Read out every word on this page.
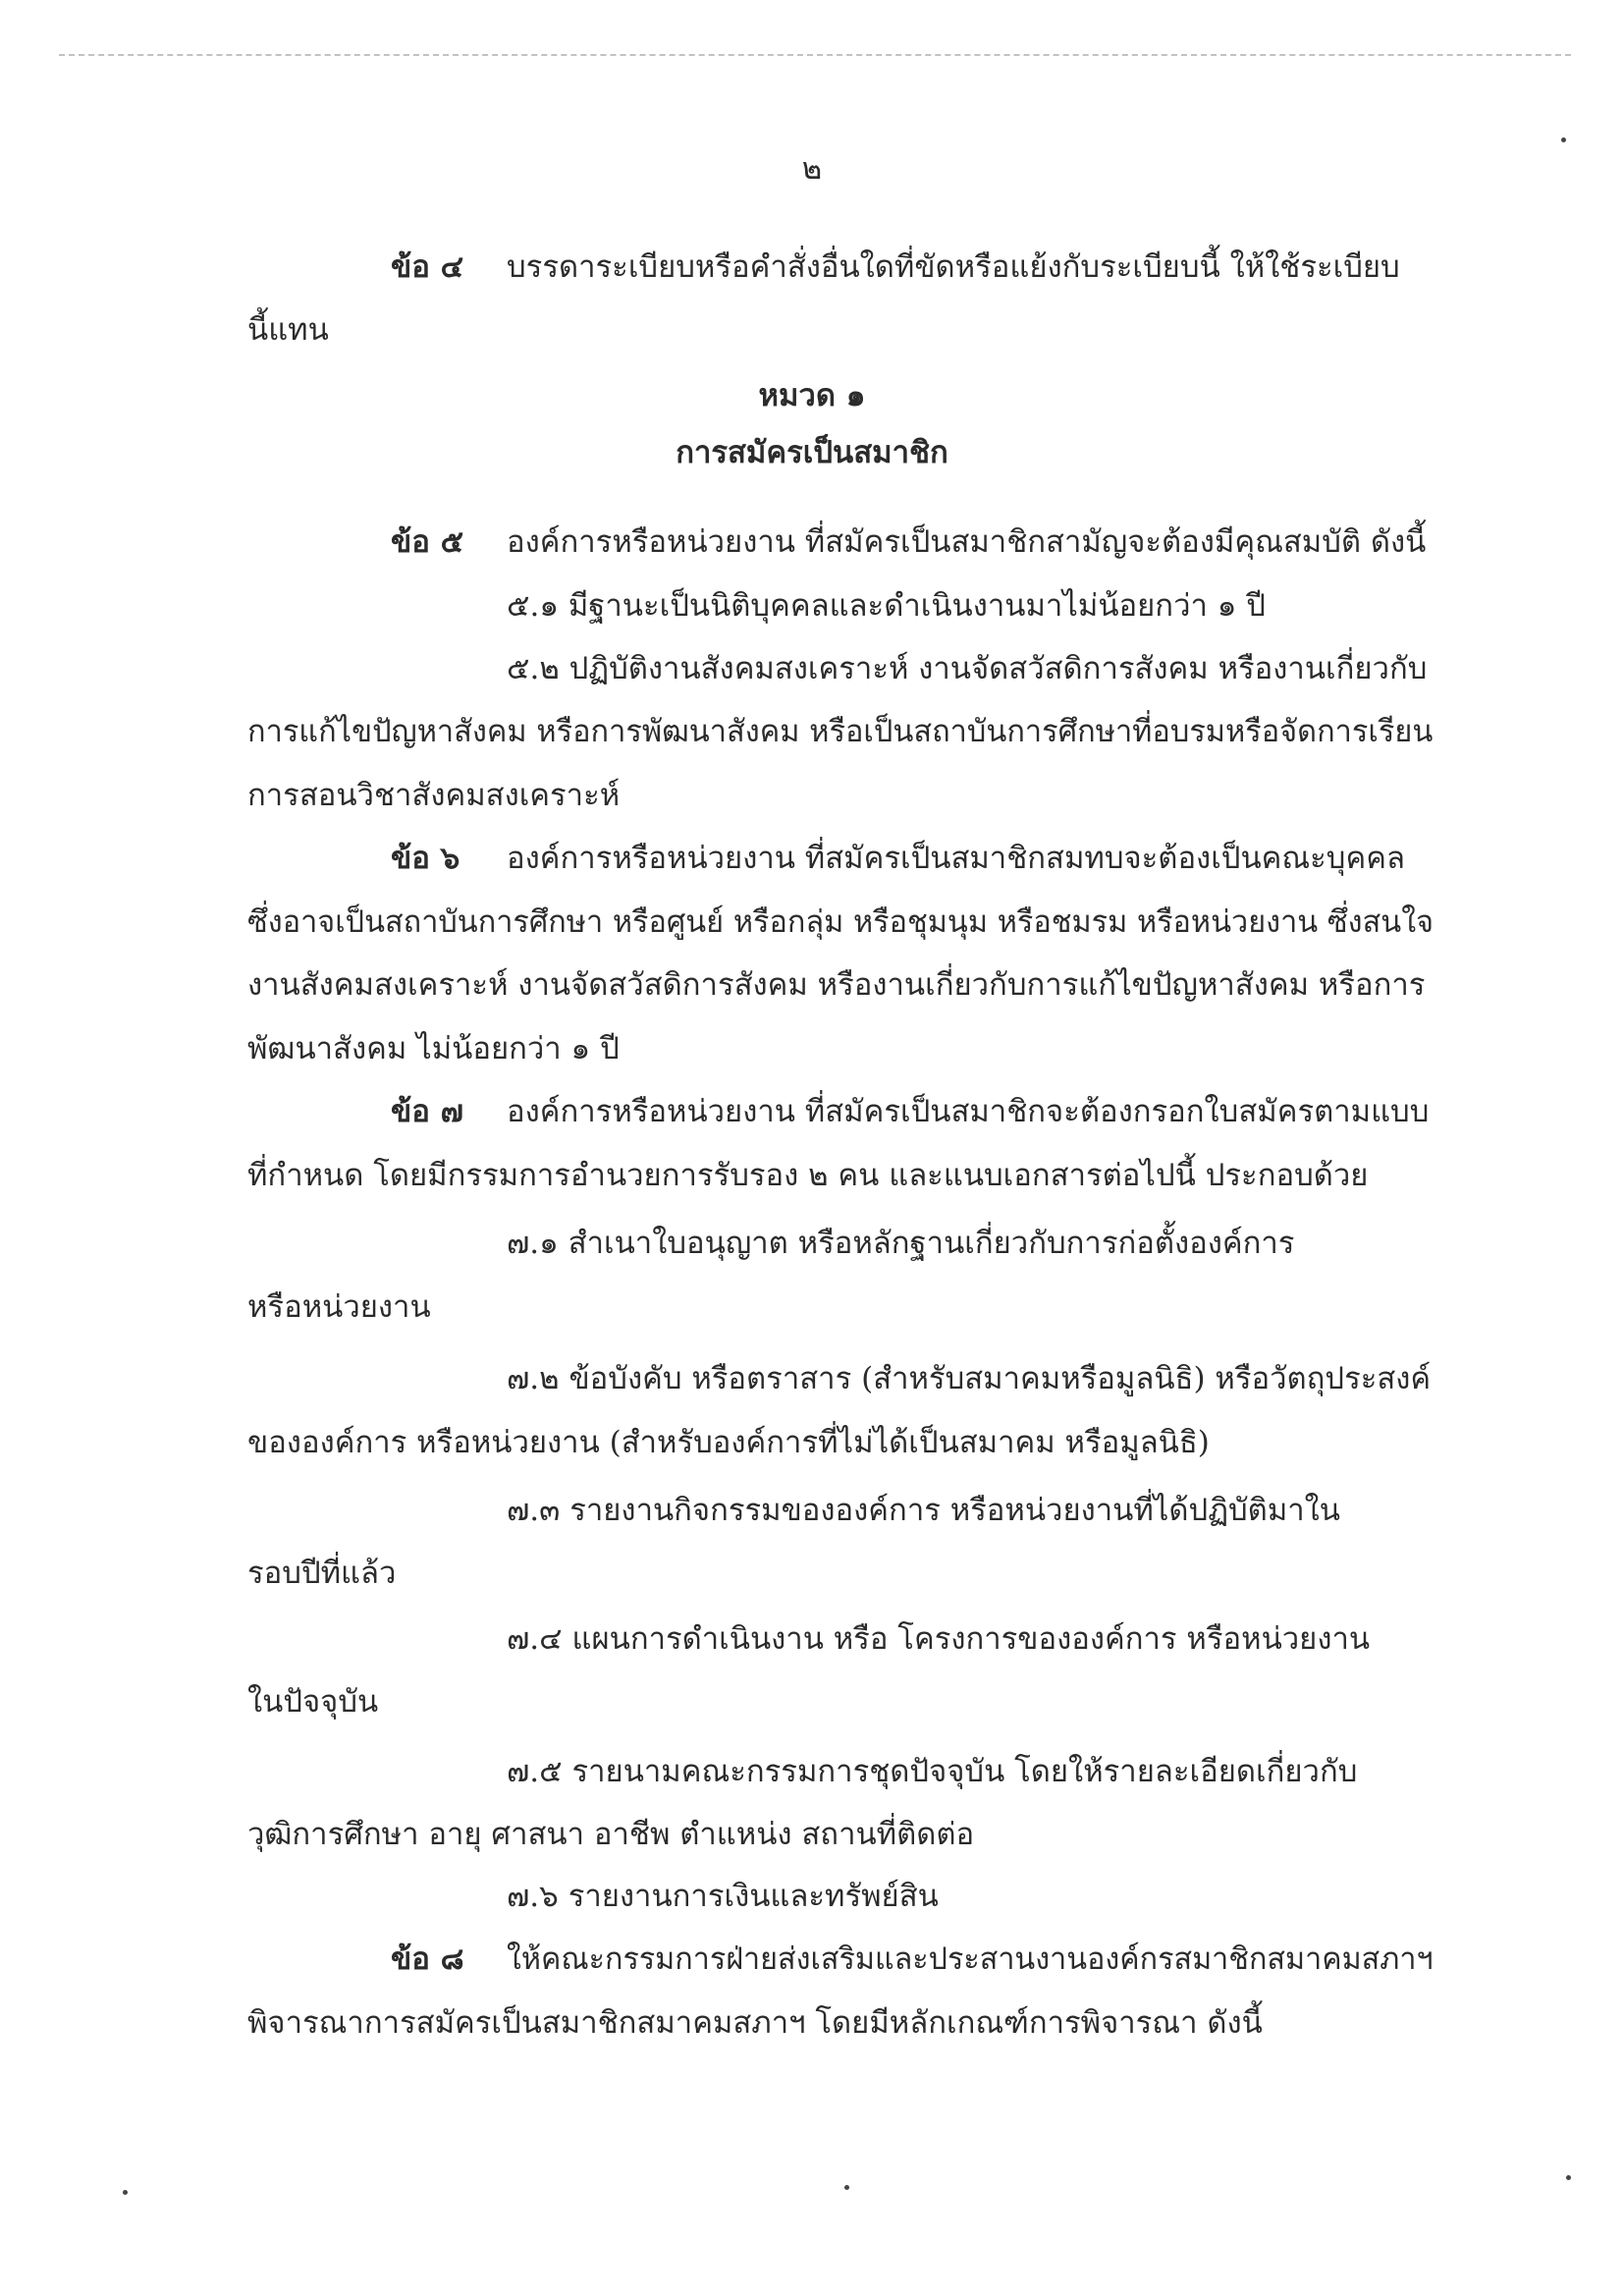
๒
ข้อ ๔ บรรดาระเบียบหรือคำสั่งอื่นใดที่ขัดหรือแย้งกับระเบียบนี้ ให้ใช้ระเบียบ
นี้แทน
หมวด ๑
การสมัครเป็นสมาชิก
ข้อ ๕ องค์การหรือหน่วยงาน ที่สมัครเป็นสมาชิกสามัญจะต้องมีคุณสมบัติ ดังนี้
๕.๑ มีฐานะเป็นนิติบุคคลและดำเนินงานมาไม่น้อยกว่า ๑ ปี
๕.๒ ปฏิบัติงานสังคมสงเคราะห์ งานจัดสวัสดิการสังคม หรืองานเกี่ยวกับ
การแก้ไขปัญหาสังคม หรือการพัฒนาสังคม หรือเป็นสถาบันการศึกษาที่อบรมหรือจัดการเรียน
การสอนวิชาสังคมสงเคราะห์
ข้อ ๖ องค์การหรือหน่วยงาน ที่สมัครเป็นสมาชิกสมทบจะต้องเป็นคณะบุคคล
ซึ่งอาจเป็นสถาบันการศึกษา หรือศูนย์ หรือกลุ่ม หรือชุมนุม หรือชมรม หรือหน่วยงาน ซึ่งสนใจ
งานสังคมสงเคราะห์ งานจัดสวัสดิการสังคม หรืองานเกี่ยวกับการแก้ไขปัญหาสังคม หรือการ
พัฒนาสังคม ไม่น้อยกว่า ๑ ปี
ข้อ ๗ องค์การหรือหน่วยงาน ที่สมัครเป็นสมาชิกจะต้องกรอกใบสมัครตามแบบ
ที่กำหนด โดยมีกรรมการอำนวยการรับรอง ๒ คน และแนบเอกสารต่อไปนี้ ประกอบด้วย
๗.๑ สำเนาใบอนุญาต หรือหลักฐานเกี่ยวกับการก่อตั้งองค์การ
หรือหน่วยงาน
๗.๒ ข้อบังคับ หรือตราสาร (สำหรับสมาคมหรือมูลนิธิ) หรือวัตถุประสงค์
ขององค์การ หรือหน่วยงาน (สำหรับองค์การที่ไม่ได้เป็นสมาคม หรือมูลนิธิ)
๗.๓ รายงานกิจกรรมขององค์การ หรือหน่วยงานที่ได้ปฏิบัติมาใน
รอบปีที่แล้ว
๗.๔ แผนการดำเนินงาน หรือ โครงการขององค์การ หรือหน่วยงาน
ในปัจจุบัน
๗.๕ รายนามคณะกรรมการชุดปัจจุบัน โดยให้รายละเอียดเกี่ยวกับ
วุฒิการศึกษา อายุ ศาสนา อาชีพ ตำแหน่ง สถานที่ติดต่อ
๗.๖ รายงานการเงินและทรัพย์สิน
ข้อ ๘ ให้คณะกรรมการฝ่ายส่งเสริมและประสานงานองค์กรสมาชิกสมาคมสภาฯ
พิจารณาการสมัครเป็นสมาชิกสมาคมสภาฯ โดยมีหลักเกณฑ์การพิจารณา ดังนี้
